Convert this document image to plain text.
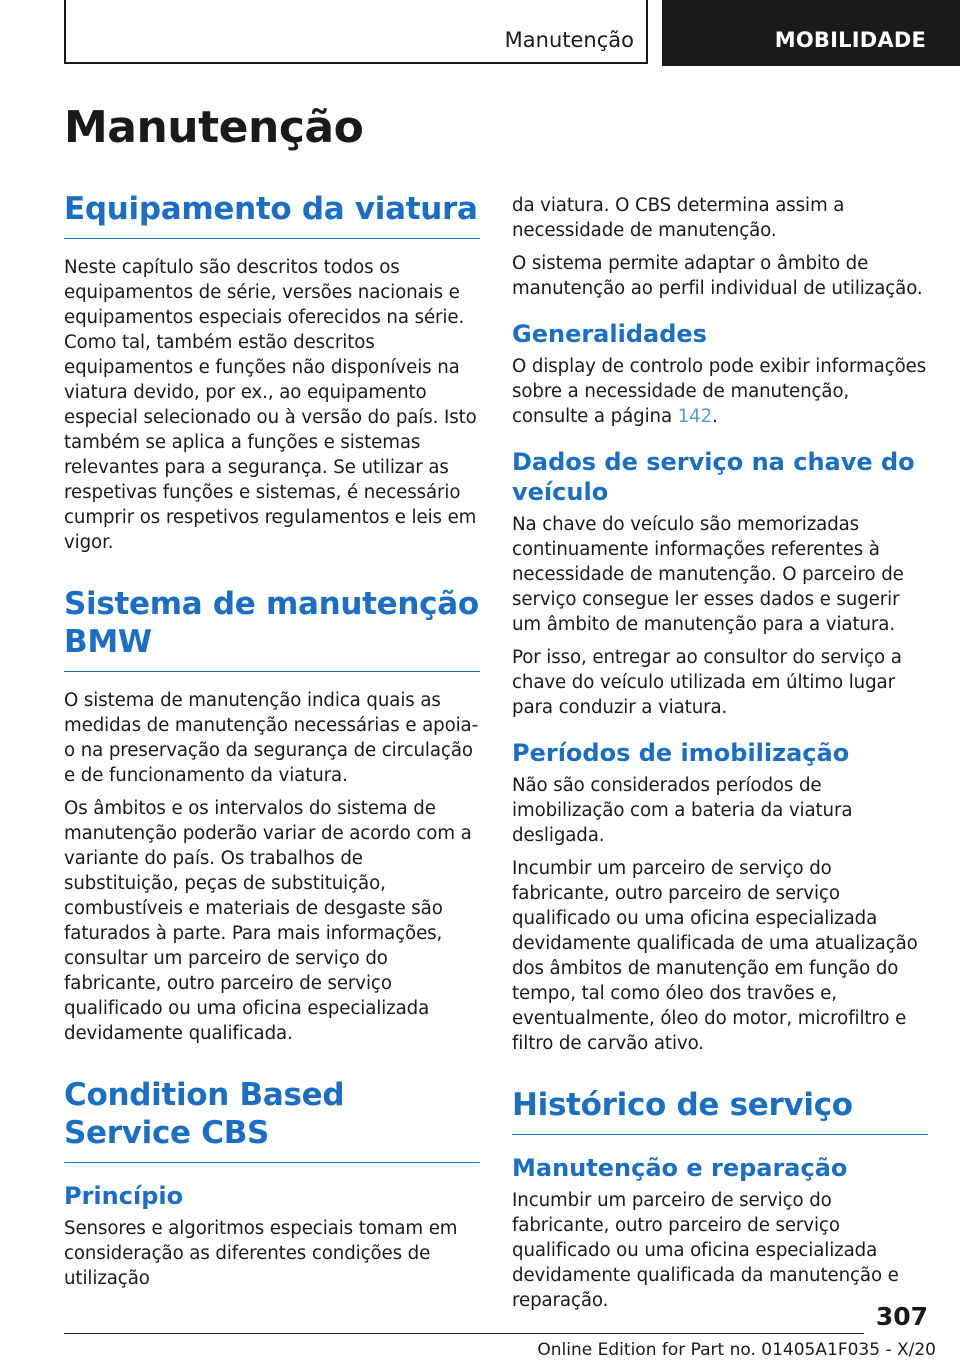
Manutenção	MOBILIDADE
Manutenção
Equipamento da viatura

Neste capítulo são descritos todos os equipamentos de série, versões nacionais e equipamentos especiais oferecidos na série. Como tal, também estão descritos equipamentos e funções não disponíveis na viatura devido, por ex., ao equipamento especial selecionado ou à versão do país. Isto também se aplica a funções e sistemas relevantes para a segurança. Se utilizar as respetivas funções e sistemas, é necessário cumprir os respetivos regulamentos e leis em vigor.

Sistema de manutenção BMW

O sistema de manutenção indica quais as medidas de manutenção necessárias e apoia-o na preservação da segurança de circulação e de funcionamento da viatura.

Os âmbitos e os intervalos do sistema de manutenção poderão variar de acordo com a variante do país. Os trabalhos de substituição, peças de substituição, combustíveis e materiais de desgaste são faturados à parte. Para mais informações, consultar um parceiro de serviço do fabricante, outro parceiro de serviço qualificado ou uma oficina especializada devidamente qualificada.

Condition Based Service CBS
Princípio

Sensores e algoritmos especiais tomam em consideração as diferentes condições de utilização

da viatura. O CBS determina assim a necessidade de manutenção.

O sistema permite adaptar o âmbito de manutenção ao perfil individual de utilização.

Generalidades

O display de controlo pode exibir informações sobre a necessidade de manutenção, consulte a página 142.

Dados de serviço na chave do veículo

Na chave do veículo são memorizadas continuamente informações referentes à necessidade de manutenção. O parceiro de serviço consegue ler esses dados e sugerir um âmbito de manutenção para a viatura.

Por isso, entregar ao consultor do serviço a chave do veículo utilizada em último lugar para conduzir a viatura.

Períodos de imobilização

Não são considerados períodos de imobilização com a bateria da viatura desligada.

Incumbir um parceiro de serviço do fabricante, outro parceiro de serviço qualificado ou uma oficina especializada devidamente qualificada de uma atualização dos âmbitos de manutenção em função do tempo, tal como óleo dos travões e, eventualmente, óleo do motor, microfiltro e filtro de carvão ativo.

Histórico de serviço
Manutenção e reparação

Incumbir um parceiro de serviço do fabricante, outro parceiro de serviço qualificado ou uma oficina especializada devidamente qualificada da manutenção e reparação.

307
Online Edition for Part no. 01405A1F035 - X/20
